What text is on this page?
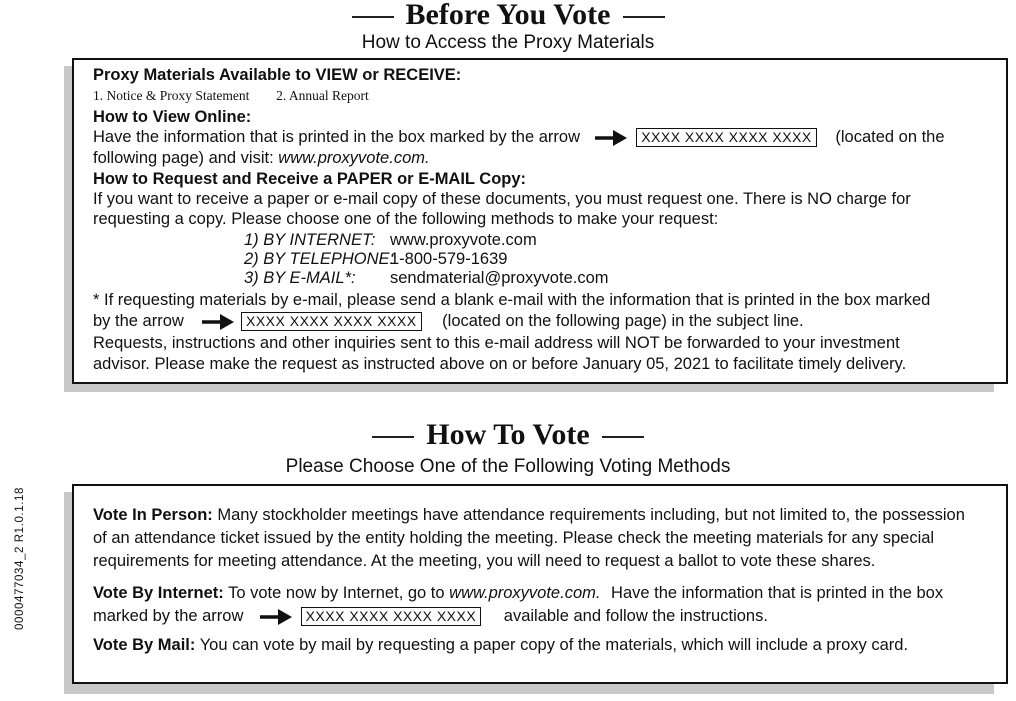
Before You Vote
How to Access the Proxy Materials
Proxy Materials Available to VIEW or RECEIVE:
1. Notice & Proxy Statement 2. Annual Report
How to View Online:
Have the information that is printed in the box marked by the arrow	XXXX XXXX XXXX XXXX (located on the
following page) and visit: www.proxyvote.com.
How to Request and Receive a PAPER or E-MAIL Copy:
If you want to receive a paper or e-mail copy of these documents, you must request one. There is NO charge for
requesting a copy. Please choose one of the following methods to make your request:
1) BY INTERNET: www.proxyvote.com
2) BY TELEPHONE:1-800-579-1639
3) BY E-MAIL*: sendmaterial@proxyvote.com
* If requesting materials by e-mail, please send a blank e-mail with the information that is printed in the box marked
by the arrow	XXXX XXXX XXXX XXXX (located on the following page) in the subject line.
Requests, instructions and other inquiries sent to this e-mail address will NOT be forwarded to your investment
advisor. Please make the request as instructed above on or before January 05, 2021 to facilitate timely delivery.
How To Vote
Please Choose One of the Following Voting Methods
Vote In Person: Many stockholder meetings have attendance requirements including, but not limited to, the possession
of an attendance ticket issued by the entity holding the meeting. Please check the meeting materials for any special
requirements for meeting attendance. At the meeting, you will need to request a ballot to vote these shares.
Vote By Internet: To vote now by Internet, go to www.proxyvote.com. Have the information that is printed in the box
marked by the arrow	XXXX XXXX XXXX XXXX available and follow the instructions.
Vote By Mail: You can vote by mail by requesting a paper copy of the materials, which will include a proxy card.
0000477034_2 R1.0.1.18
